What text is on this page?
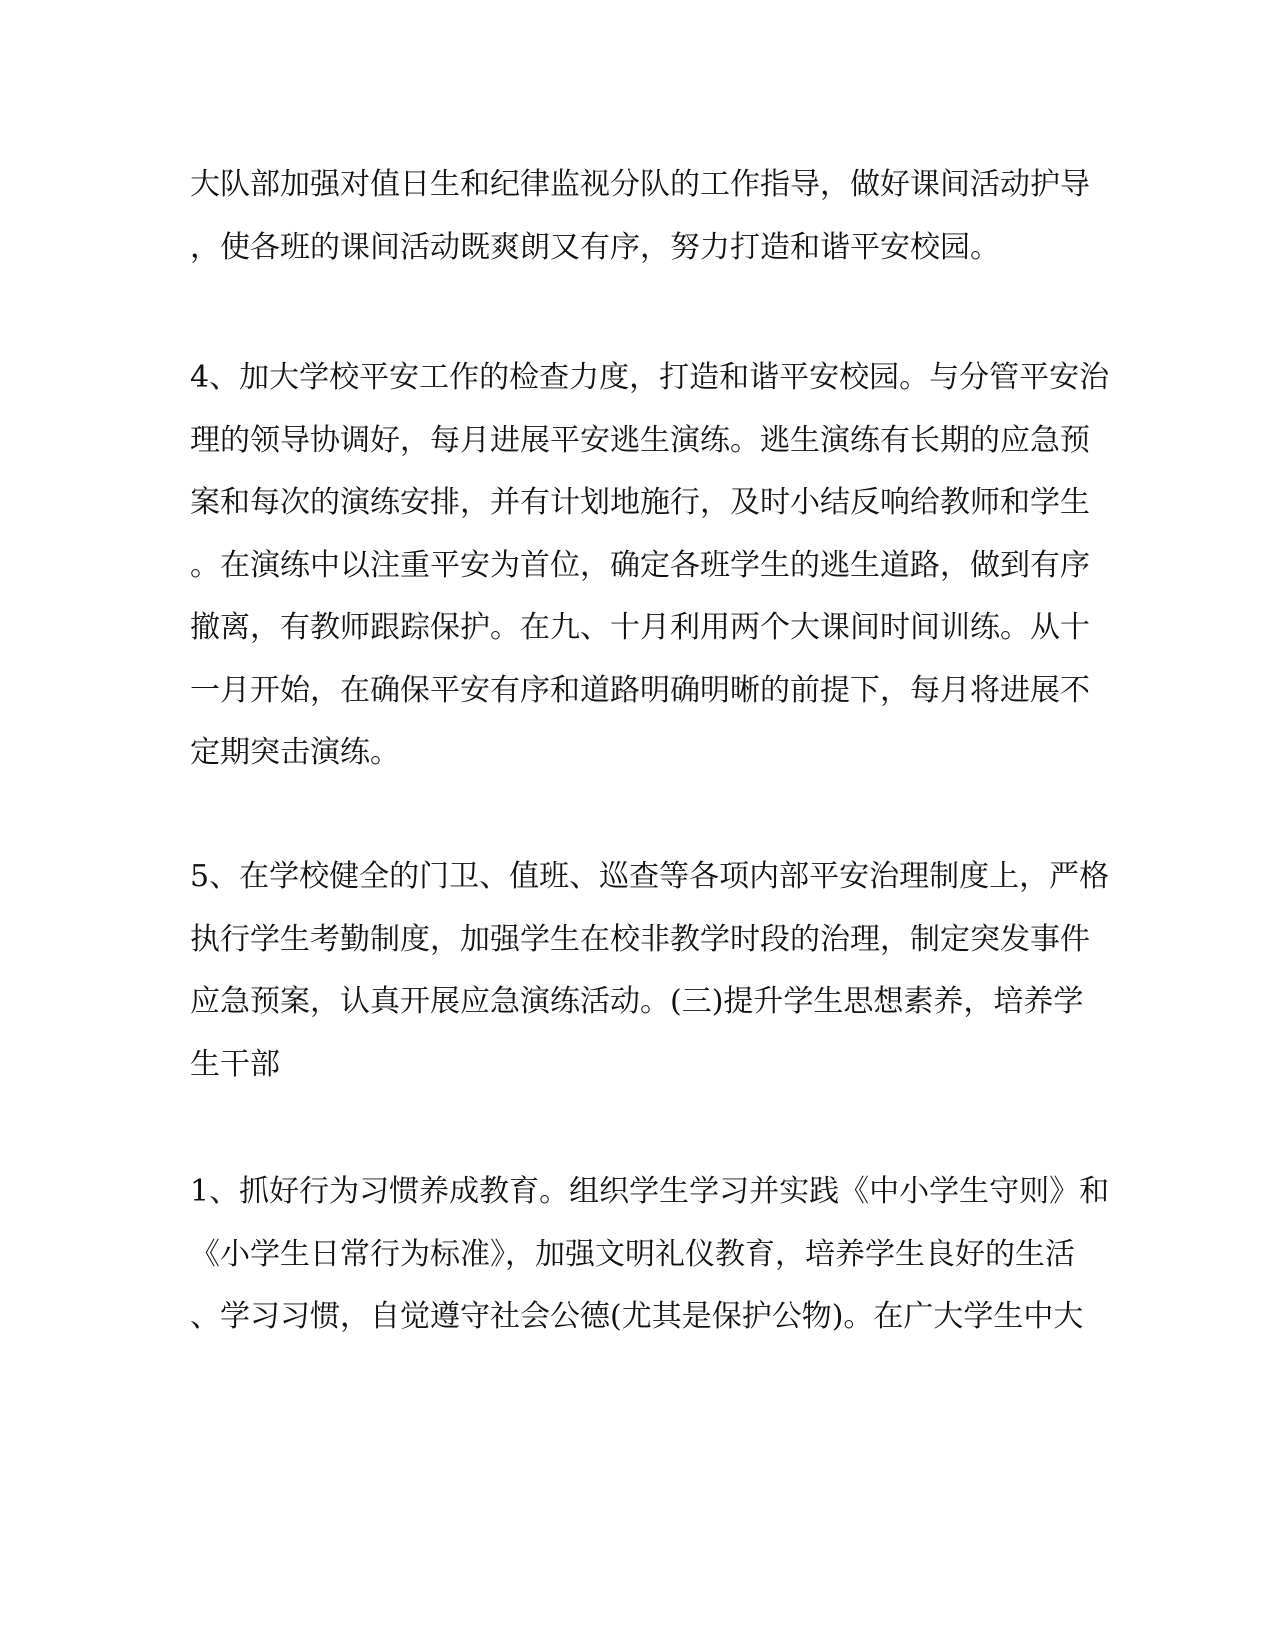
大队部加强对值日生和纪律监视分队的工作指导，做好课间活动护导
，使各班的课间活动既爽朗又有序，努力打造和谐平安校园。
4、加大学校平安工作的检查力度，打造和谐平安校园。与分管平安治
理的领导协调好，每月进展平安逃生演练。逃生演练有长期的应急预
案和每次的演练安排，并有计划地施行，及时小结反响给教师和学生
。在演练中以注重平安为首位，确定各班学生的逃生道路，做到有序
撤离，有教师跟踪保护。在九、十月利用两个大课间时间训练。从十
一月开始，在确保平安有序和道路明确明晰的前提下，每月将进展不
定期突击演练。
5、在学校健全的门卫、值班、巡查等各项内部平安治理制度上，严格
执行学生考勤制度，加强学生在校非教学时段的治理，制定突发事件
应急预案，认真开展应急演练活动。(三)提升学生思想素养，培养学
生干部
1、抓好行为习惯养成教育。组织学生学习并实践《中小学生守则》和
《小学生日常行为标准》，加强文明礼仪教育，培养学生良好的生活
、学习习惯，自觉遵守社会公德(尤其是保护公物)。在广大学生中大
